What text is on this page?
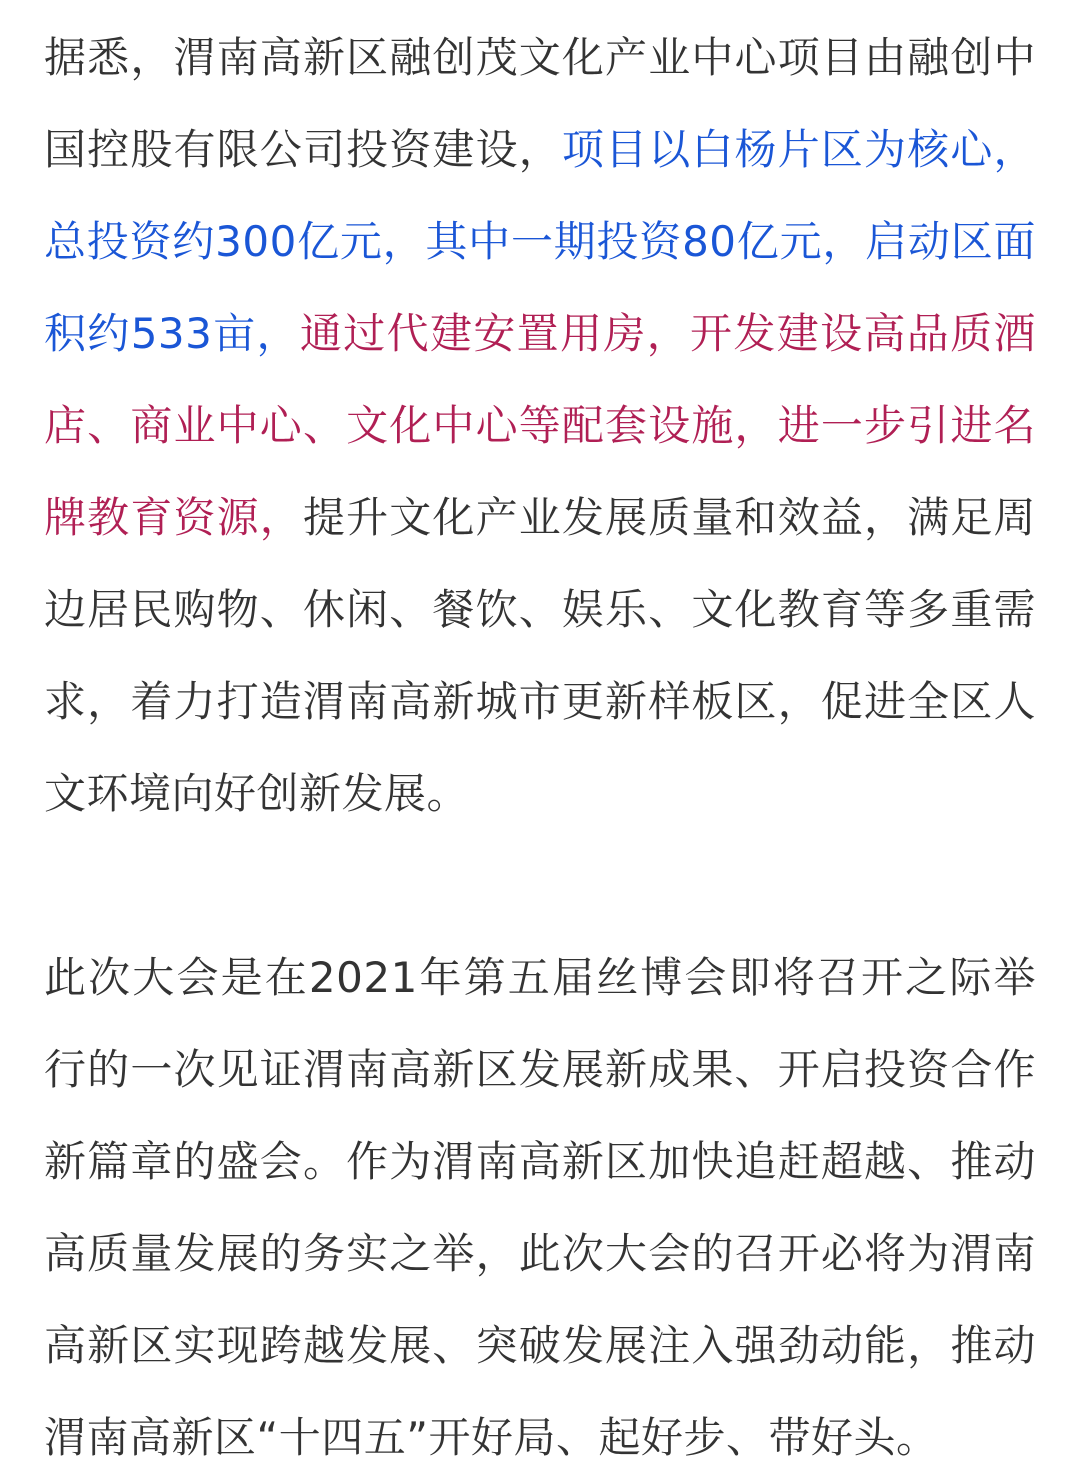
据悉，渭南高新区融创茂文化产业中心项目由融创中国控股有限公司投资建设，项目以白杨片区为核心，总投资约300亿元，其中一期投资80亿元，启动区面积约533亩，通过代建安置用房，开发建设高品质酒店、商业中心、文化中心等配套设施，进一步引进名牌教育资源，提升文化产业发展质量和效益，满足周边居民购物、休闲、餐饮、娱乐、文化教育等多重需求，着力打造渭南高新城市更新样板区，促进全区人文环境向好创新发展。

此次大会是在2021年第五届丝博会即将召开之际举行的一次见证渭南高新区发展新成果、开启投资合作新篇章的盛会。作为渭南高新区加快追赶超越、推动高质量发展的务实之举，此次大会的召开必将为渭南高新区实现跨越发展、突破发展注入强劲动能，推动渭南高新区“十四五”开好局、起好步、带好头。
